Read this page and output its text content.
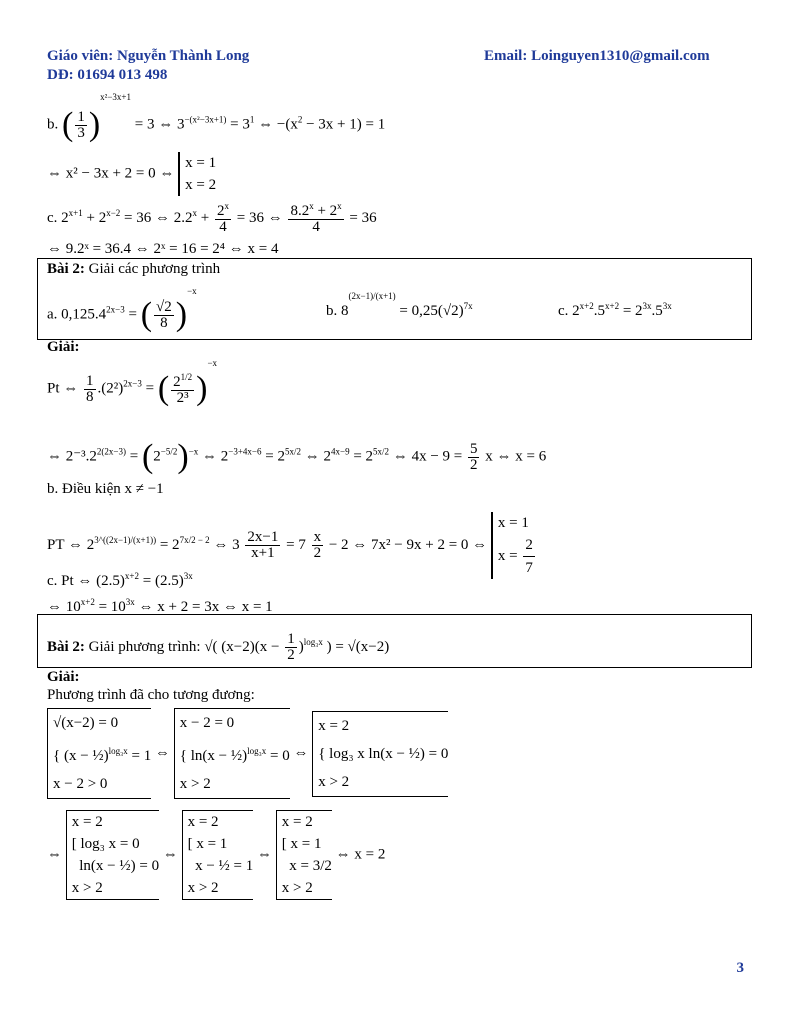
Giáo viên: Nguyễn Thành Long	Email: Loinguyen1310@gmail.com
DĐ: 01694 013 498
b. ( $\frac{1}{3} )^{x^2-3x+1} = 3$ ⇔ $3^{-(x^2-3x+1)} = 3^1$ ⇔ $-(x^2 - 3x + 1) = 1$
⇔ x² − 3x + 2 = 0 ⇔
x = 1
x = 2
c. $2^{x+1} + 2^{x-2} = 36$ ⇔ $2.2^x + \frac{2^x}{4} = 36$ ⇔ $\frac{8.2^x + 2^x}{4} = 36$
⇔ 9.2ˣ = 36.4 ⇔ 2ˣ = 16 = 2⁴ ⇔ x = 4
Bài 2: Giải các phương trình
a. $0,125.4^{2x-3}$ = ( $\frac{√2}{8} )^{-x}$
b. $8^{(2x-1)/(x+1)} = 0,25(√2)^{7x}$	c. $2^{x+2}.5^{x+2} = 2^{3x}.5^{3x}$
Giải:
Pt ⇔ $\frac{1}{8} .(2^2)^{2x-3}$ = ( $\frac{2^{1/2}}{\text{2³}} )^{-x}$
⇔ $2^{-3}.2^{2(2x-3)} = (2^{-5/2})^{-x}$ ⇔ $2^{-3+4x-6} = 2^{5x/2}$ ⇔ $2^{4x-9} = 2^{5x/2}$ ⇔ $4x - 9 = \frac{5}{2}$ x ⇔ x = 6
b. Điều kiện x ≠ −1
PT ⇔ $2^{3\^{}((2x-1)/(x+1))} = 2^{7x/2 - 2}$ ⇔ $3 \frac{2x-1}{x+1} = 7 \frac{x}{2} - 2$ ⇔ 7x² − 9x + 2 = 0 ⇔
x = 1
$x = \frac{2}{7}$
c. Pt ⇔ $(2.5)^{x+2} = (2.5)^{3x}$
⇔ $10^{x+2} = 10^{3x}$ ⇔ x + 2 = 3x ⇔ x = 1
Bài 2: Giải phương trình: √( $(x-2)(x - \frac{1}{2} )^{log_3x}$ ) = √(x−2)
Giải:
Phương trình đã cho tương đương:
√(x−2) = 0
{ (x − ½)$^{log_3x}$ = 1
x − 2 > 0 ⇔ x − 2 = 0
{ ln(x − ½)$^{log_3x}$ = 0
x > 2 ⇔ x = 2
{ log₃ x ln(x − ½) = 0
x > 2
⇔ x = 2
[ log₃ x = 0
ln(x − ½) = 0
x > 2 ⇔ x = 2
[ x = 1
x − ½ = 1
x > 2 ⇔ x = 2
[ x = 1
x = 3/2
x > 2 ⇔ x = 2
3
